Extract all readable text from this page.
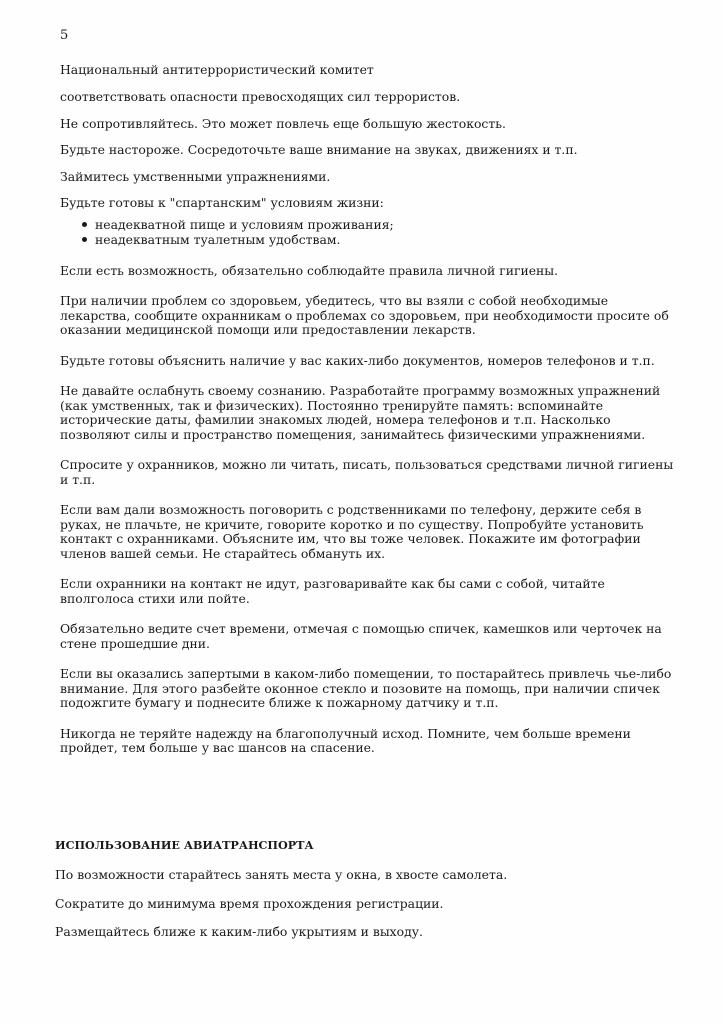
5
Национальный антитеррористический комитет

соответствовать опасности превосходящих сил террористов.

Не сопротивляйтесь. Это может повлечь еще большую жестокость.

Будьте настороже. Сосредоточьте ваше внимание на звуках, движениях и т.п.

Займитесь умственными упражнениями.

Будьте готовы к "спартанским" условиям жизни:

неадекватной пище и условиям проживания;
неадекватным туалетным удобствам.

Если есть возможность, обязательно соблюдайте правила личной гигиены.

При наличии проблем со здоровьем, убедитесь, что вы взяли с собой необходимые лекарства, сообщите охранникам о проблемах со здоровьем, при необходимости просите об оказании медицинской помощи или предоставлении лекарств.

Будьте готовы объяснить наличие у вас каких-либо документов, номеров телефонов и т.п.

Не давайте ослабнуть своему сознанию. Разработайте программу возможных упражнений (как умственных, так и физических). Постоянно тренируйте память: вспоминайте исторические даты, фамилии знакомых людей, номера телефонов и т.п. Насколько позволяют силы и пространство помещения, занимайтесь физическими упражнениями.

Спросите у охранников, можно ли читать, писать, пользоваться средствами личной гигиены и т.п.

Если вам дали возможность поговорить с родственниками по телефону, держите себя в руках, не плачьте, не кричите, говорите коротко и по существу. Попробуйте установить контакт с охранниками. Объясните им, что вы тоже человек. Покажите им фотографии членов вашей семьи. Не старайтесь обмануть их.

Если охранники на контакт не идут, разговаривайте как бы сами с собой, читайте вполголоса стихи или пойте.

Обязательно ведите счет времени, отмечая с помощью спичек, камешков или черточек на стене прошедшие дни.

Если вы оказались запертыми в каком-либо помещении, то постарайтесь привлечь чье-либо внимание. Для этого разбейте оконное стекло и позовите на помощь, при наличии спичек подожгите бумагу и поднесите ближе к пожарному датчику и т.п.

Никогда не теряйте надежду на благополучный исход. Помните, чем больше времени пройдет, тем больше у вас шансов на спасение.

ИСПОЛЬЗОВАНИЕ АВИАТРАНСПОРТА

По возможности старайтесь занять места у окна, в хвосте самолета.

Сократите до минимума время прохождения регистрации.

Размещайтесь ближе к каким-либо укрытиям и выходу.
